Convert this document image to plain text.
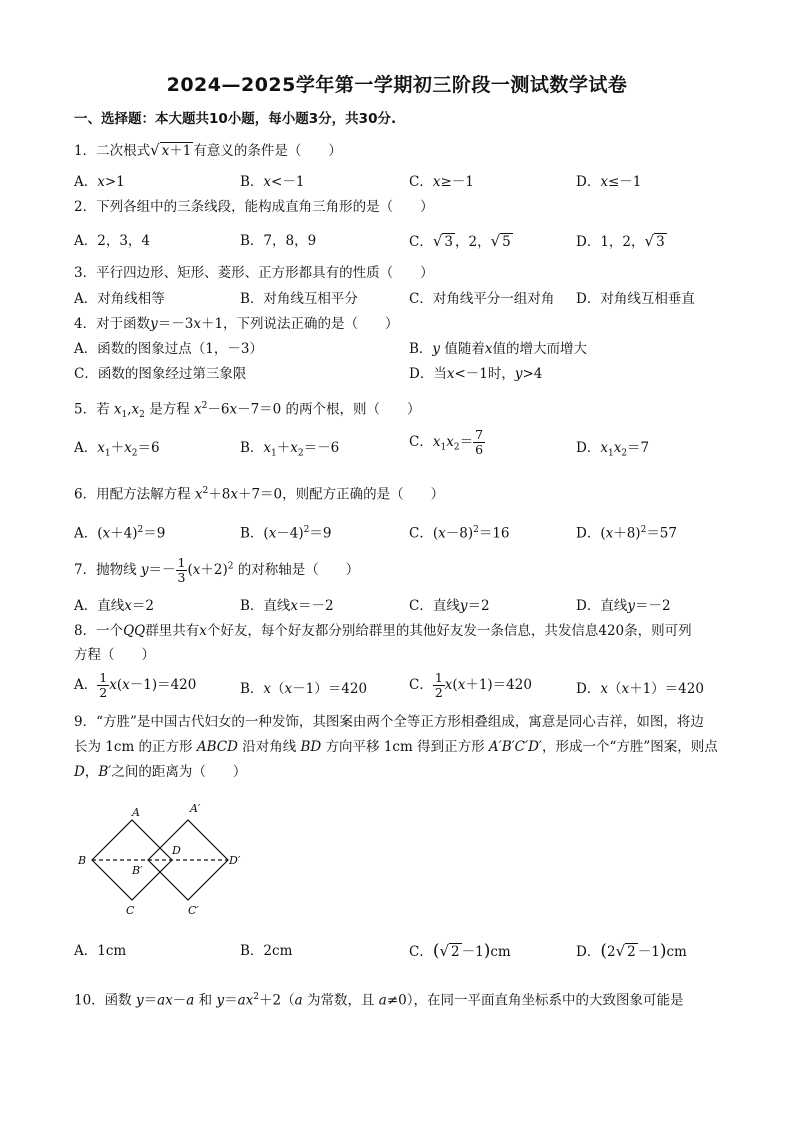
2024—2025学年第一学期初三阶段一测试数学试卷
一、选择题：本大题共10小题，每小题3分，共30分.
1．二次根式√ x＋1 有意义的条件是（　　）
A．x>1	B．x<－1	C．x≥－1	D．x≤－1
2．下列各组中的三条线段，能构成直角三角形的是（　　）
A．2，3，4	B．7，8，9	C．√ 3 ，2，√ 5	D．1，2，√ 3
3．平行四边形、矩形、菱形、正方形都具有的性质（　　）
A．对角线相等	B．对角线互相平分	C．对角线平分一组对角 D．对角线互相垂直
4．对于函数y＝－3x＋1，下列说法正确的是（　　）
A．函数的图象过点（1，－3）	B．y 值随着x值的增大而增大
C．函数的图象经过第三象限	D．当x<－1时，y>4
5．若 $x_1,x_2$ 是方程 $x^2-6x-7=0$ 的两个根，则（　　）
A．$x_1+x_2=6$	B．$x_1+x_2=-6$	C．$x_1x_2= \frac{7}{6}$	D．$x_1x_2=7$
6．用配方法解方程 $x^2+8x+7=0$，则配方正确的是（　　）
A．$(x+4)^2=9$	B．$(x-4)^2=9$	C．$(x-8)^2=16$	D．$(x+8)^2=57$
7．抛物线 $y=- \frac{1}{3} (x+2)^2$ 的对称轴是（　　）
A．直线x＝2	B．直线x＝－2	C．直线y＝2	D．直线y＝－2
8．一个QQ群里共有x个好友，每个好友都分别给群里的其他好友发一条信息，共发信息420条，则可列
方程（　　）
A． $\frac{1}{2} x(x-1)=420$	B．x（x－1）＝420	C． $\frac{1}{2} x(x+1)=420$	D．x（x＋1）＝420
9．“方胜”是中国古代妇女的一种发饰，其图案由两个全等正方形相叠组成，寓意是同心吉祥，如图，将边
长为 1cm 的正方形 ABCD 沿对角线 BD 方向平移 1cm 得到正方形 A′B′C′D′，形成一个“方胜”图案，则点
D，B′之间的距离为（　　）
A
B
C
D
A′
B′
C′
D′
A．1cm	B．2cm	C．(√ 2 －1)cm	D．(2√ 2 －1)cm
10．函数 y＝ax－a 和 $y=ax^2+2(a$ 为常数，且 a≠0），在同一平面直角坐标系中的大致图象可能是
